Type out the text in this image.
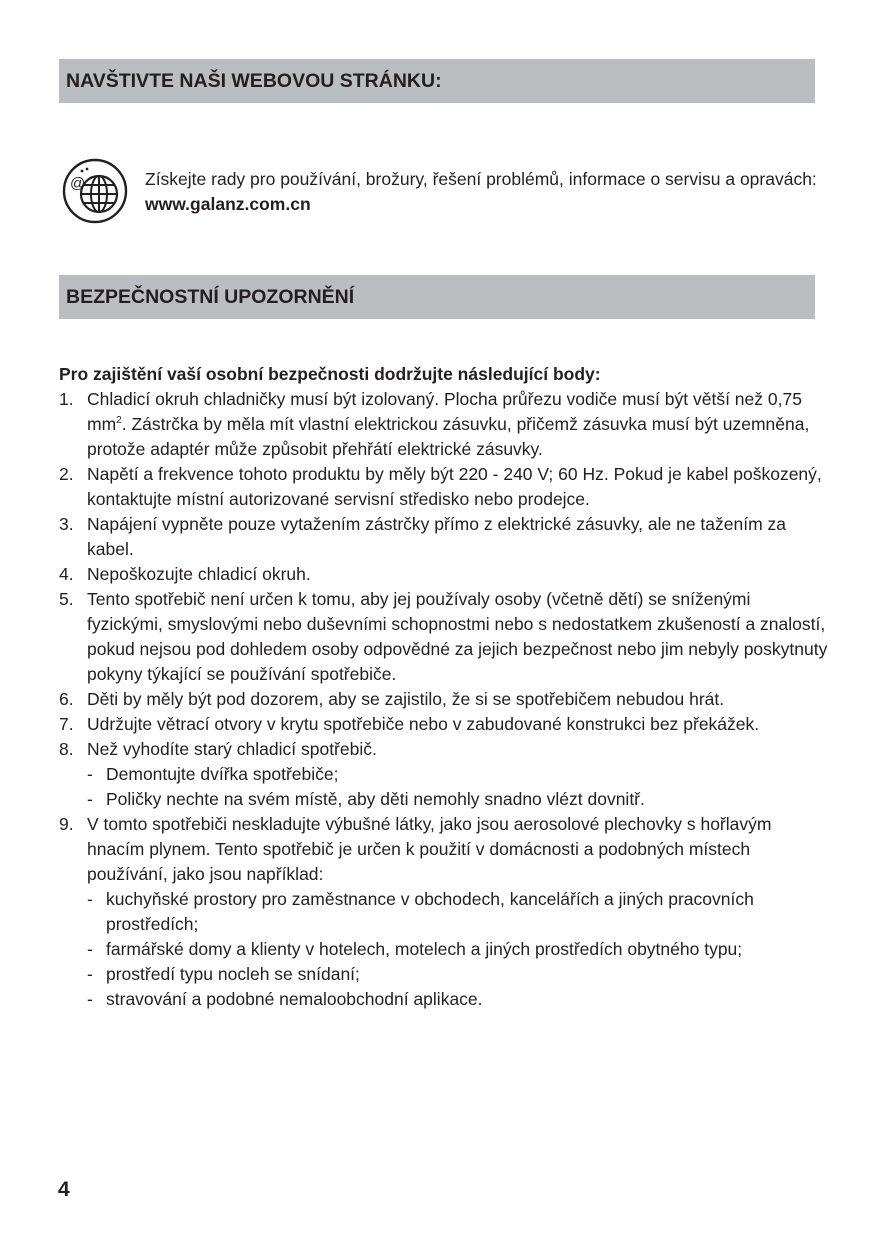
NAVŠTIVTE NAŠI WEBOVOU STRÁNKU:
@	Získejte rady pro používání, brožury, řešení problémů, informace o servisu a opravách: www.galanz.com.cn
BEZPEČNOSTNÍ UPOZORNĚNÍ
Pro zajištění vaší osobní bezpečnosti dodržujte následující body:
1. Chladicí okruh chladničky musí být izolovaný. Plocha průřezu vodiče musí být větší než 0,75 $mm^2$. Zástrčka by měla mít vlastní elektrickou zásuvku, přičemž zásuvka musí být uzemněna, protože adaptér může způsobit přehřátí elektrické zásuvky.
2. Napětí a frekvence tohoto produktu by měly být 220 - 240 V; 60 Hz. Pokud je kabel poškozený, kontaktujte místní autorizované servisní středisko nebo prodejce.
3. Napájení vypněte pouze vytažením zástrčky přímo z elektrické zásuvky, ale ne tažením za kabel.
4. Nepoškozujte chladicí okruh.
5. Tento spotřebič není určen k tomu, aby jej používaly osoby (včetně dětí) se sníženými fyzickými, smyslovými nebo duševními schopnostmi nebo s nedostatkem zkušeností a znalostí, pokud nejsou pod dohledem osoby odpovědné za jejich bezpečnost nebo jim nebyly poskytnuty pokyny týkající se používání spotřebiče.
6. Děti by měly být pod dozorem, aby se zajistilo, že si se spotřebičem nebudou hrát.
7. Udržujte větrací otvory v krytu spotřebiče nebo v zabudované konstrukci bez překážek.
8. Než vyhodíte starý chladicí spotřebič.
- Demontujte dvířka spotřebiče;
- Poličky nechte na svém místě, aby děti nemohly snadno vlézt dovnitř.
9. V tomto spotřebiči neskladujte výbušné látky, jako jsou aerosolové plechovky s hořlavým hnacím plynem. Tento spotřebič je určen k použití v domácnosti a podobných místech používání, jako jsou například:
- kuchyňské prostory pro zaměstnance v obchodech, kancelářích a jiných pracovních prostředích;
- farmářské domy a klienty v hotelech, motelech a jiných prostředích obytného typu;
- prostředí typu nocleh se snídaní;
- stravování a podobné nemaloobchodní aplikace.
4
